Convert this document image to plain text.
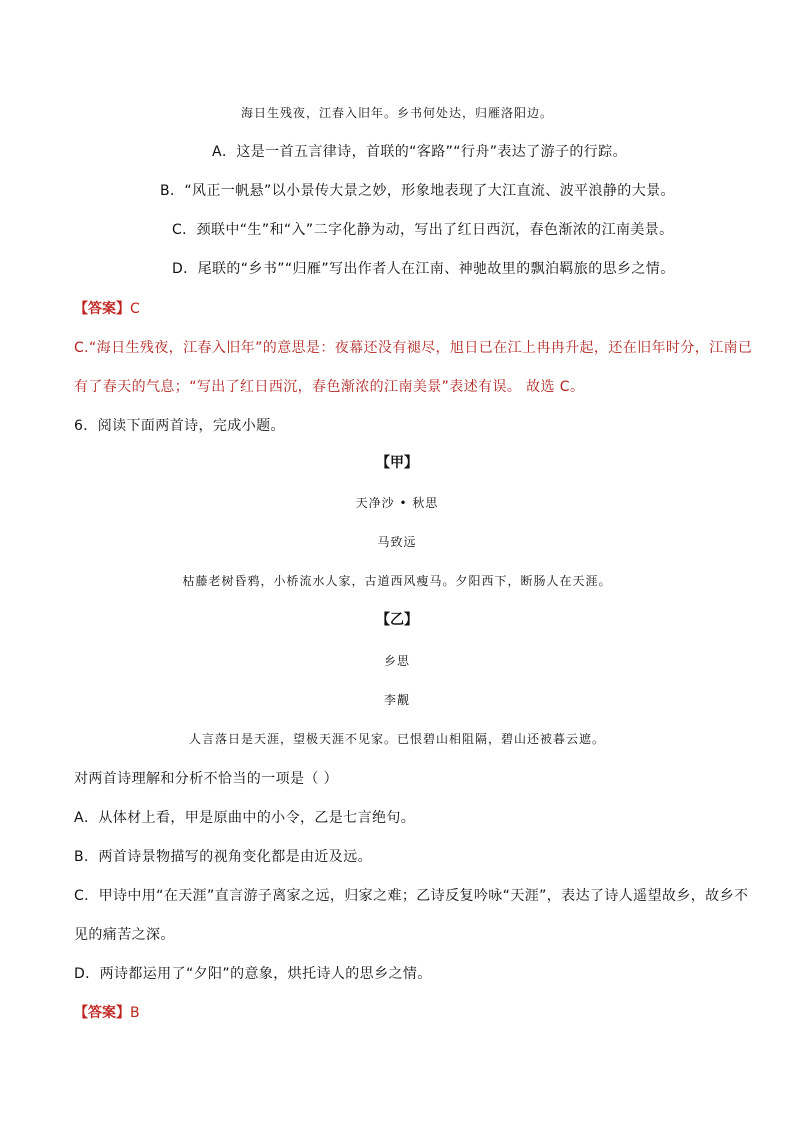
海日生残夜，江春入旧年。乡书何处达，归雁洛阳边。
A．这是一首五言律诗，首联的“客路”“行舟”表达了游子的行踪。
B．“风正一帆悬”以小景传大景之妙，形象地表现了大江直流、波平浪静的大景。
C．颈联中“生”和“入”二字化静为动，写出了红日西沉，春色渐浓的江南美景。
D．尾联的“乡书”“归雁”写出作者人在江南、神驰故里的飘泊羁旅的思乡之情。
【答案】C
C.“海日生残夜，江春入旧年”的意思是：夜幕还没有褪尽，旭日已在江上冉冉升起，还在旧年时分，江南已
有了春天的气息；“写出了红日西沉，春色渐浓的江南美景”表述有误。 故选 C。
6．阅读下面两首诗，完成小题。
【甲】
天净沙 • 秋思
马致远
枯藤老树昏鸦，小桥流水人家，古道西风瘦马。夕阳西下，断肠人在天涯。
【乙】
乡思
李觏
人言落日是天涯，望极天涯不见家。已恨碧山相阻隔，碧山还被暮云遮。
对两首诗理解和分析不恰当的一项是（ ）
A．从体材上看，甲是原曲中的小令，乙是七言绝句。
B．两首诗景物描写的视角变化都是由近及远。
C．甲诗中用“在天涯”直言游子离家之远，归家之难；乙诗反复吟咏“天涯”，表达了诗人遥望故乡，故乡不
见的痛苦之深。
D．两诗都运用了“夕阳”的意象，烘托诗人的思乡之情。
【答案】B
